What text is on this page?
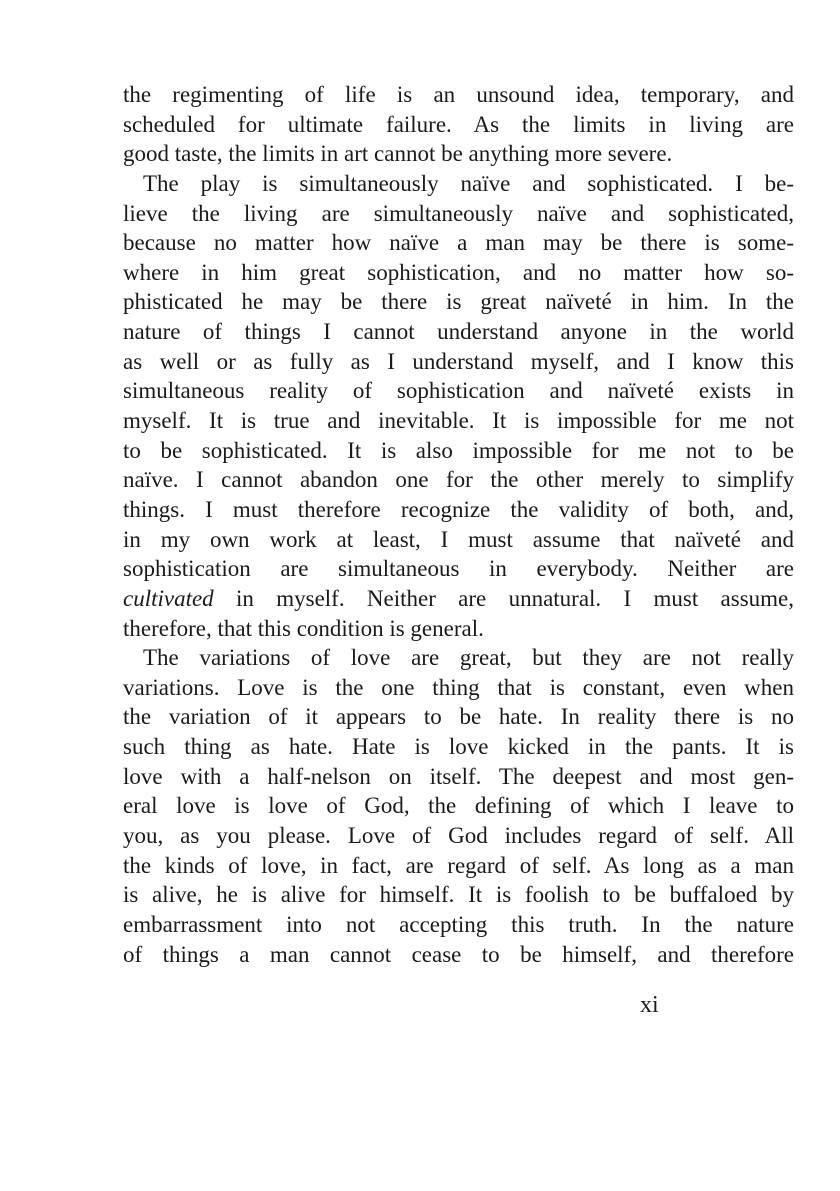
the regimenting of life is an unsound idea, temporary, and
scheduled for ultimate failure. As the limits in living are
good taste, the limits in art cannot be anything more severe.
The play is simultaneously naïve and sophisticated. I be-
lieve the living are simultaneously naïve and sophisticated,
because no matter how naïve a man may be there is some-
where in him great sophistication, and no matter how so-
phisticated he may be there is great naïveté in him. In the
nature of things I cannot understand anyone in the world
as well or as fully as I understand myself, and I know this
simultaneous reality of sophistication and naïveté exists in
myself. It is true and inevitable. It is impossible for me not
to be sophisticated. It is also impossible for me not to be
naïve. I cannot abandon one for the other merely to simplify
things. I must therefore recognize the validity of both, and,
in my own work at least, I must assume that naïveté and
sophistication are simultaneous in everybody. Neither are
cultivated in myself. Neither are unnatural. I must assume,
therefore, that this condition is general.
The variations of love are great, but they are not really
variations. Love is the one thing that is constant, even when
the variation of it appears to be hate. In reality there is no
such thing as hate. Hate is love kicked in the pants. It is
love with a half-nelson on itself. The deepest and most gen-
eral love is love of God, the defining of which I leave to
you, as you please. Love of God includes regard of self. All
the kinds of love, in fact, are regard of self. As long as a man
is alive, he is alive for himself. It is foolish to be buffaloed by
embarrassment into not accepting this truth. In the nature
of things a man cannot cease to be himself, and therefore
xi
